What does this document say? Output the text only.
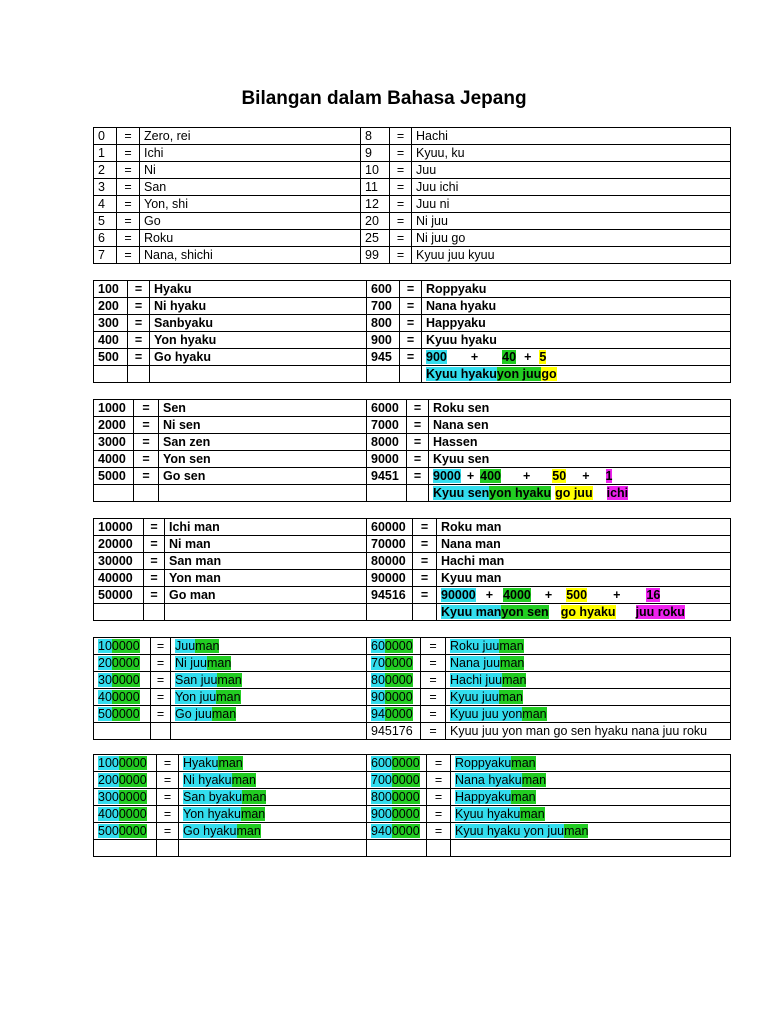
Bilangan dalam Bahasa Jepang
0	=	Zero, rei	8	=	Hachi
1	=	Ichi	9	=	Kyuu, ku
2	=	Ni	10	=	Juu
3	=	San	11	=	Juu ichi
4	=	Yon, shi	12	=	Juu ni
5	=	Go	20	=	Ni juu
6	=	Roku	25	=	Ni juu go
7	=	Nana, shichi	99	=	Kyuu juu kyuu
100	=	Hyaku	600	=	Roppyaku
200	=	Ni hyaku	700	=	Nana hyaku
300	=	Sanbyaku	800	=	Happyaku
400	=	Yon hyaku	900	=	Kyuu hyaku
500	=	Go hyaku	945	=	900 + 40 + 5
					Kyuu hyakuyon juugo
1000	=	Sen	6000	=	Roku sen
2000	=	Ni sen	7000	=	Nana sen
3000	=	San zen	8000	=	Hassen
4000	=	Yon sen	9000	=	Kyuu sen
5000	=	Go sen	9451	=	9000 + 400 + 50 + 1
					Kyuu senyon hyaku go juu ichi
10000	=	Ichi man	60000	=	Roku man
20000	=	Ni man	70000	=	Nana man
30000	=	San man	80000	=	Hachi man
40000	=	Yon man	90000	=	Kyuu man
50000	=	Go man	94516	=	90000 + 4000 + 500 + 16
					Kyuu manyon sen go hyaku juu roku
100000	=	Juuman	600000	=	Roku juuman
200000	=	Ni juuman	700000	=	Nana juuman
300000	=	San juuman	800000	=	Hachi juuman
400000	=	Yon juuman	900000	=	Kyuu juuman
500000	=	Go juuman	940000	=	Kyuu juu yonman
			945176	=	Kyuu juu yon man go sen hyaku nana juu roku
1000000	=	Hyakuman	6000000	=	Roppyakuman
2000000	=	Ni hyakuman	7000000	=	Nana hyakuman
3000000	=	San byakuman	8000000	=	Happyakuman
4000000	=	Yon hyakuman	9000000	=	Kyuu hyakuman
5000000	=	Go hyakuman	9400000	=	Kyuu hyaku yon juuman
